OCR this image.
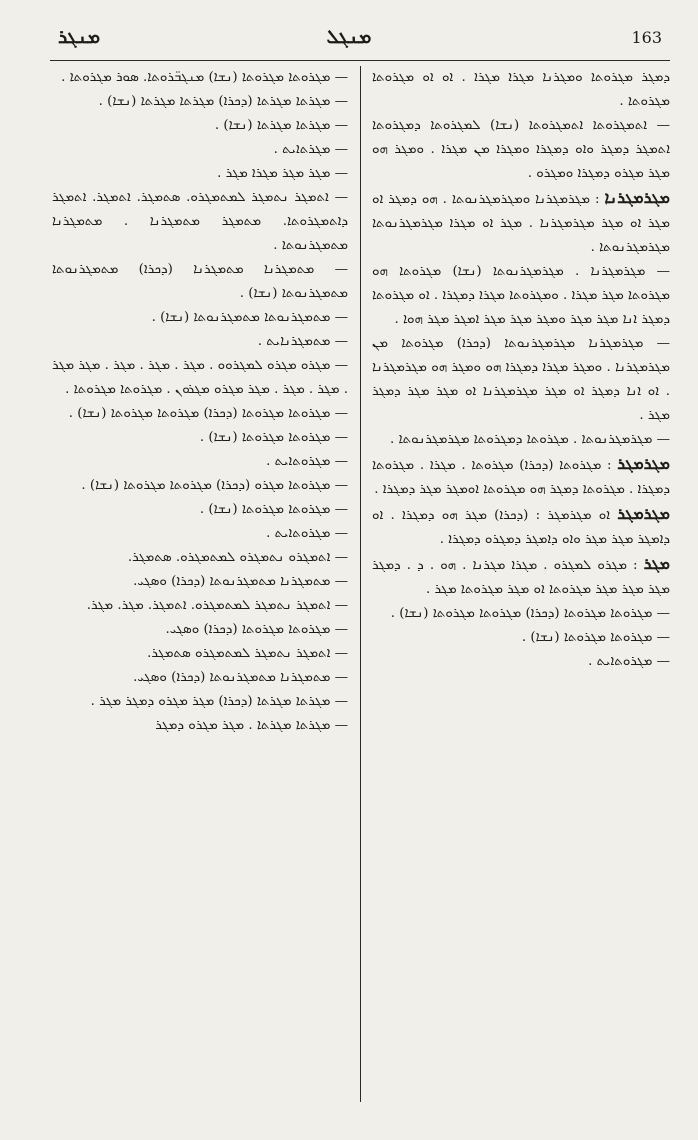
ܡܢܓܪ	ܡܢܓܠ	163

ܕܡܓܪ ܡܓܪܘܬܐ ܘܡܓܪܢܐ ܡܓܪܐ ܡܓܪܐ . ܐܘ ܐܘ ܡܓܪܘܬܐ ܡܓܪܘܬܐ .

— ܐܬܡܓܪܘܬܐ ܐܬܡܓܪܘܬܐ (ܢܫܐ) ܠܡܓܪܘܬܐ ܕܡܓܪܘܬܐ ܐܬܡܓܪ ܕܡܓܪ ܘܐܘ ܕܡܓܪܐ ܘܡܓܪܐ ܡܢ ܡܓܪܐ . ܘܡܓܪ ܗܘ ܡܓܪ ܡܓܪܘ ܕܡܓܪܐ ܘܡܓܪܘ .

ܡܓܪܡܓܪܢܐ : ܡܓܪܡܓܪܢܐ ܘܡܓܪܡܓܪܢܘܬܐ . ܗܘ ܕܡܓܪ ܐܘ ܡܓܪ ܐܘ ܡܓܪ ܡܓܪܡܓܪܢܐ . ܡܓܪ ܐܘ ܡܓܪܐ ܡܓܪܡܓܪܢܘܬܐ ܡܓܪܡܓܪܢܘܬܐ .

— ܡܓܪܡܓܪܢܐ . ܡܓܪܡܓܪܢܘܬܐ (ܢܫܐ) ܡܓܪܘܬܐ ܗܘ ܡܓܪܘܬܐ ܡܓܪ ܡܓܪܐ . ܘܡܓܪܘܬܐ ܡܓܪܐ ܕܡܓܪܐ . ܐܘ ܡܓܪܘܬܐ ܕܡܓܪ ܐܢܐ ܡܓܪ ܡܓܪ ܘܡܓܪ ܡܓܪ ܡܓܪ ܐܡܓܪ ܡܓܪ ܗܘܐ .

— ܡܓܪܡܓܪܢܐ ܡܓܪܡܓܪܢܘܬܐ (ܕܟܪܐ) ܡܓܪܘܬܐ ܡܢ ܡܓܪܡܓܪܢܐ . ܘܡܓܪ ܡܓܪܐ ܕܡܓܪܐ ܗܘ ܘܡܓܪ ܗܘ ܡܓܪܡܓܪܢܐ . ܐܘ ܐܢܐ ܕܡܓܪ ܐܘ ܡܓܪ ܡܓܪܡܓܪܢܐ ܐܘ ܡܓܪ ܡܓܪ ܕܡܓܪ ܡܓܪ .

— ܡܓܪܡܓܪܢܘܬܐ . ܡܓܪܘܬܐ ܕܡܓܪܘܬܐ ܡܓܪܡܓܪܢܘܬܐ .

ܡܓܪܡܓܪ : ܡܓܪܘܬܐ (ܕܟܪܐ) ܡܓܪܘܬܐ . ܡܓܪܐ . ܡܓܪܘܬܐ ܕܡܓܪܐ . ܡܓܪܘܬܐ ܕܡܓܪ ܗܘ ܡܓܪܘܬܐ ܐܘܡܓܪ ܡܓܪ ܕܡܓܪܐ .

ܡܓܪܡܓܪ ܐܘ ܡܓܪܡܓܪ : (ܕܟܪܐ) ܡܓܪ ܗܘ ܕܡܓܪܐ . ܐܘ ܕܐܡܓܪ ܡܓܪ ܡܓܪ ܘܐܘ ܕܐܡܓܪ ܕܡܓܪܘ ܕܡܓܪܐ .

ܡܓܪ : ܡܓܪܘ ܠܡܓܪܘ . ܡܓܪܐ ܡܓܪܢܐ . ܗܘ . ܕ . ܕܡܓܪ ܡܓܪ ܡܓܪ ܡܓܪ ܡܓܪܘܬܐ ܐܘ ܡܓܪ ܡܓܪܘܬܐ ܡܓܪ .

— ܡܓܪܘܬܐ ܡܓܪܘܬܐ (ܕܟܪܐ) ܡܓܪܘܬܐ ܡܓܪܘܬܐ (ܢܫܐ) .

— ܡܓܪܘܬܐ ܡܓܪܘܬܐ (ܢܫܐ) .

— ܡܓܪܘܬܐܝܬ .

— ܡܓܪܘܬܐ ܡܓܪܘܬܐ (ܢܫܐ) ܡܢܓܒ̈ܪܘܬܐ. ܣܘܪ ܡܓܪܘܬܐ .

— ܡܓܪܬܐ ܡܓܪܬܐ (ܕܟܪܐ) ܡܓܪܬܐ ܡܓܪܬܐ (ܢܫܐ) .

— ܡܓܪܬܐ ܡܓܪܬܐ (ܢܫܐ) .

— ܡܓܪܬܐܝܬ .

— ܡܓܪ ܡܓܪ ܡܓܪܐ ܡܓܪ .

— ܐܬܡܓܪ ܢܬܡܓܪ ܠܡܬܡܓܪܘ. ܣܬܡܓܪ. ܐܬܡܓܪ. ܐܬܡܓܪ ܕܐܬܡܓܪܘܬܐ. ܡܬܡܓܪ ܡܬܡܓܪܢܐ . ܡܬܡܓܪܢܐ ܡܬܡܓܪܢܘܬܐ .

— ܡܬܡܓܪܢܐ ܡܬܡܓܪܢܐ (ܕܟܪܐ) ܡܬܡܓܪܢܘܬܐ ܡܬܡܓܪܢܘܬܐ (ܢܫܐ) .

— ܡܬܡܓܪܢܘܬܐ ܡܬܡܓܪܢܘܬܐ (ܢܫܐ) .

— ܡܬܡܓܪܢܐܝܬ .

— ܡܓܪܘ ܡܓܪܘ ܠܡܓܪܘܘ . ܡܓܪ . ܡܓܪ . ܡܓܪ . ܡܓܪ ܡܓܪ . ܡܓܪ . ܡܓܪ . ܡܓܪ ܡܓܪܘ ܡܓܪܘܢ . ܡܓܪܘܬܐ ܡܓܪܘܬܐ .

— ܡܓܪܘܬܐ ܡܓܪܘܬܐ (ܕܟܪܐ) ܡܓܪܘܬܐ ܡܓܪܘܬܐ (ܢܫܐ) .

— ܡܓܪܘܬܐ ܡܓܪܘܬܐ (ܢܫܐ) .

— ܡܓܪܘܬܐܝܬ .

— ܡܓܪܘܬܐ ܡܓܪܘ (ܕܟܪܐ) ܡܓܪܘܬܐ ܡܓܪܘܬܐ (ܢܫܐ) .

— ܡܓܪܘܬܐ ܡܓܪܘܬܐ (ܢܫܐ) .

— ܡܓܪܘܬܐܝܬ .

— ܐܬܡܓܪܘ ܢܬܡܓܪܘ ܠܡܬܡܓܪܘ. ܣܬܡܓܪ.

— ܡܬܡܓܪܢܐ ܡܬܡܓܪܢܘܬܐ (ܕܟܪܐ) ܘܣܓܝ.

— ܐܬܡܓܪ ܢܬܡܓܪ ܠܡܬܡܓܪܘ. ܐܬܡܓܪ. ܡܓܪ. ܡܓܪ.

— ܡܓܪܘܬܐ ܡܓܪܘܬܐ (ܕܟܪܐ) ܘܣܓܝ.

— ܐܬܡܓܪ ܢܬܡܓܪ ܠܡܬܡܓܪܘ ܣܬܡܓܪ.

— ܡܬܡܓܪܢܐ ܡܬܡܓܪܢܘܬܐ (ܕܟܪܐ) ܘܣܓܝ.

— ܡܓܪܬܐ ܡܓܪܬܐ (ܕܟܪܐ) ܡܓܪ ܡܓܪܘ ܕܡܓܪ ܡܓܪ .

— ܡܓܪܬܐ ܡܓܪܬܐ . ܡܓܪ ܡܓܪܘ ܕܡܓܪ
